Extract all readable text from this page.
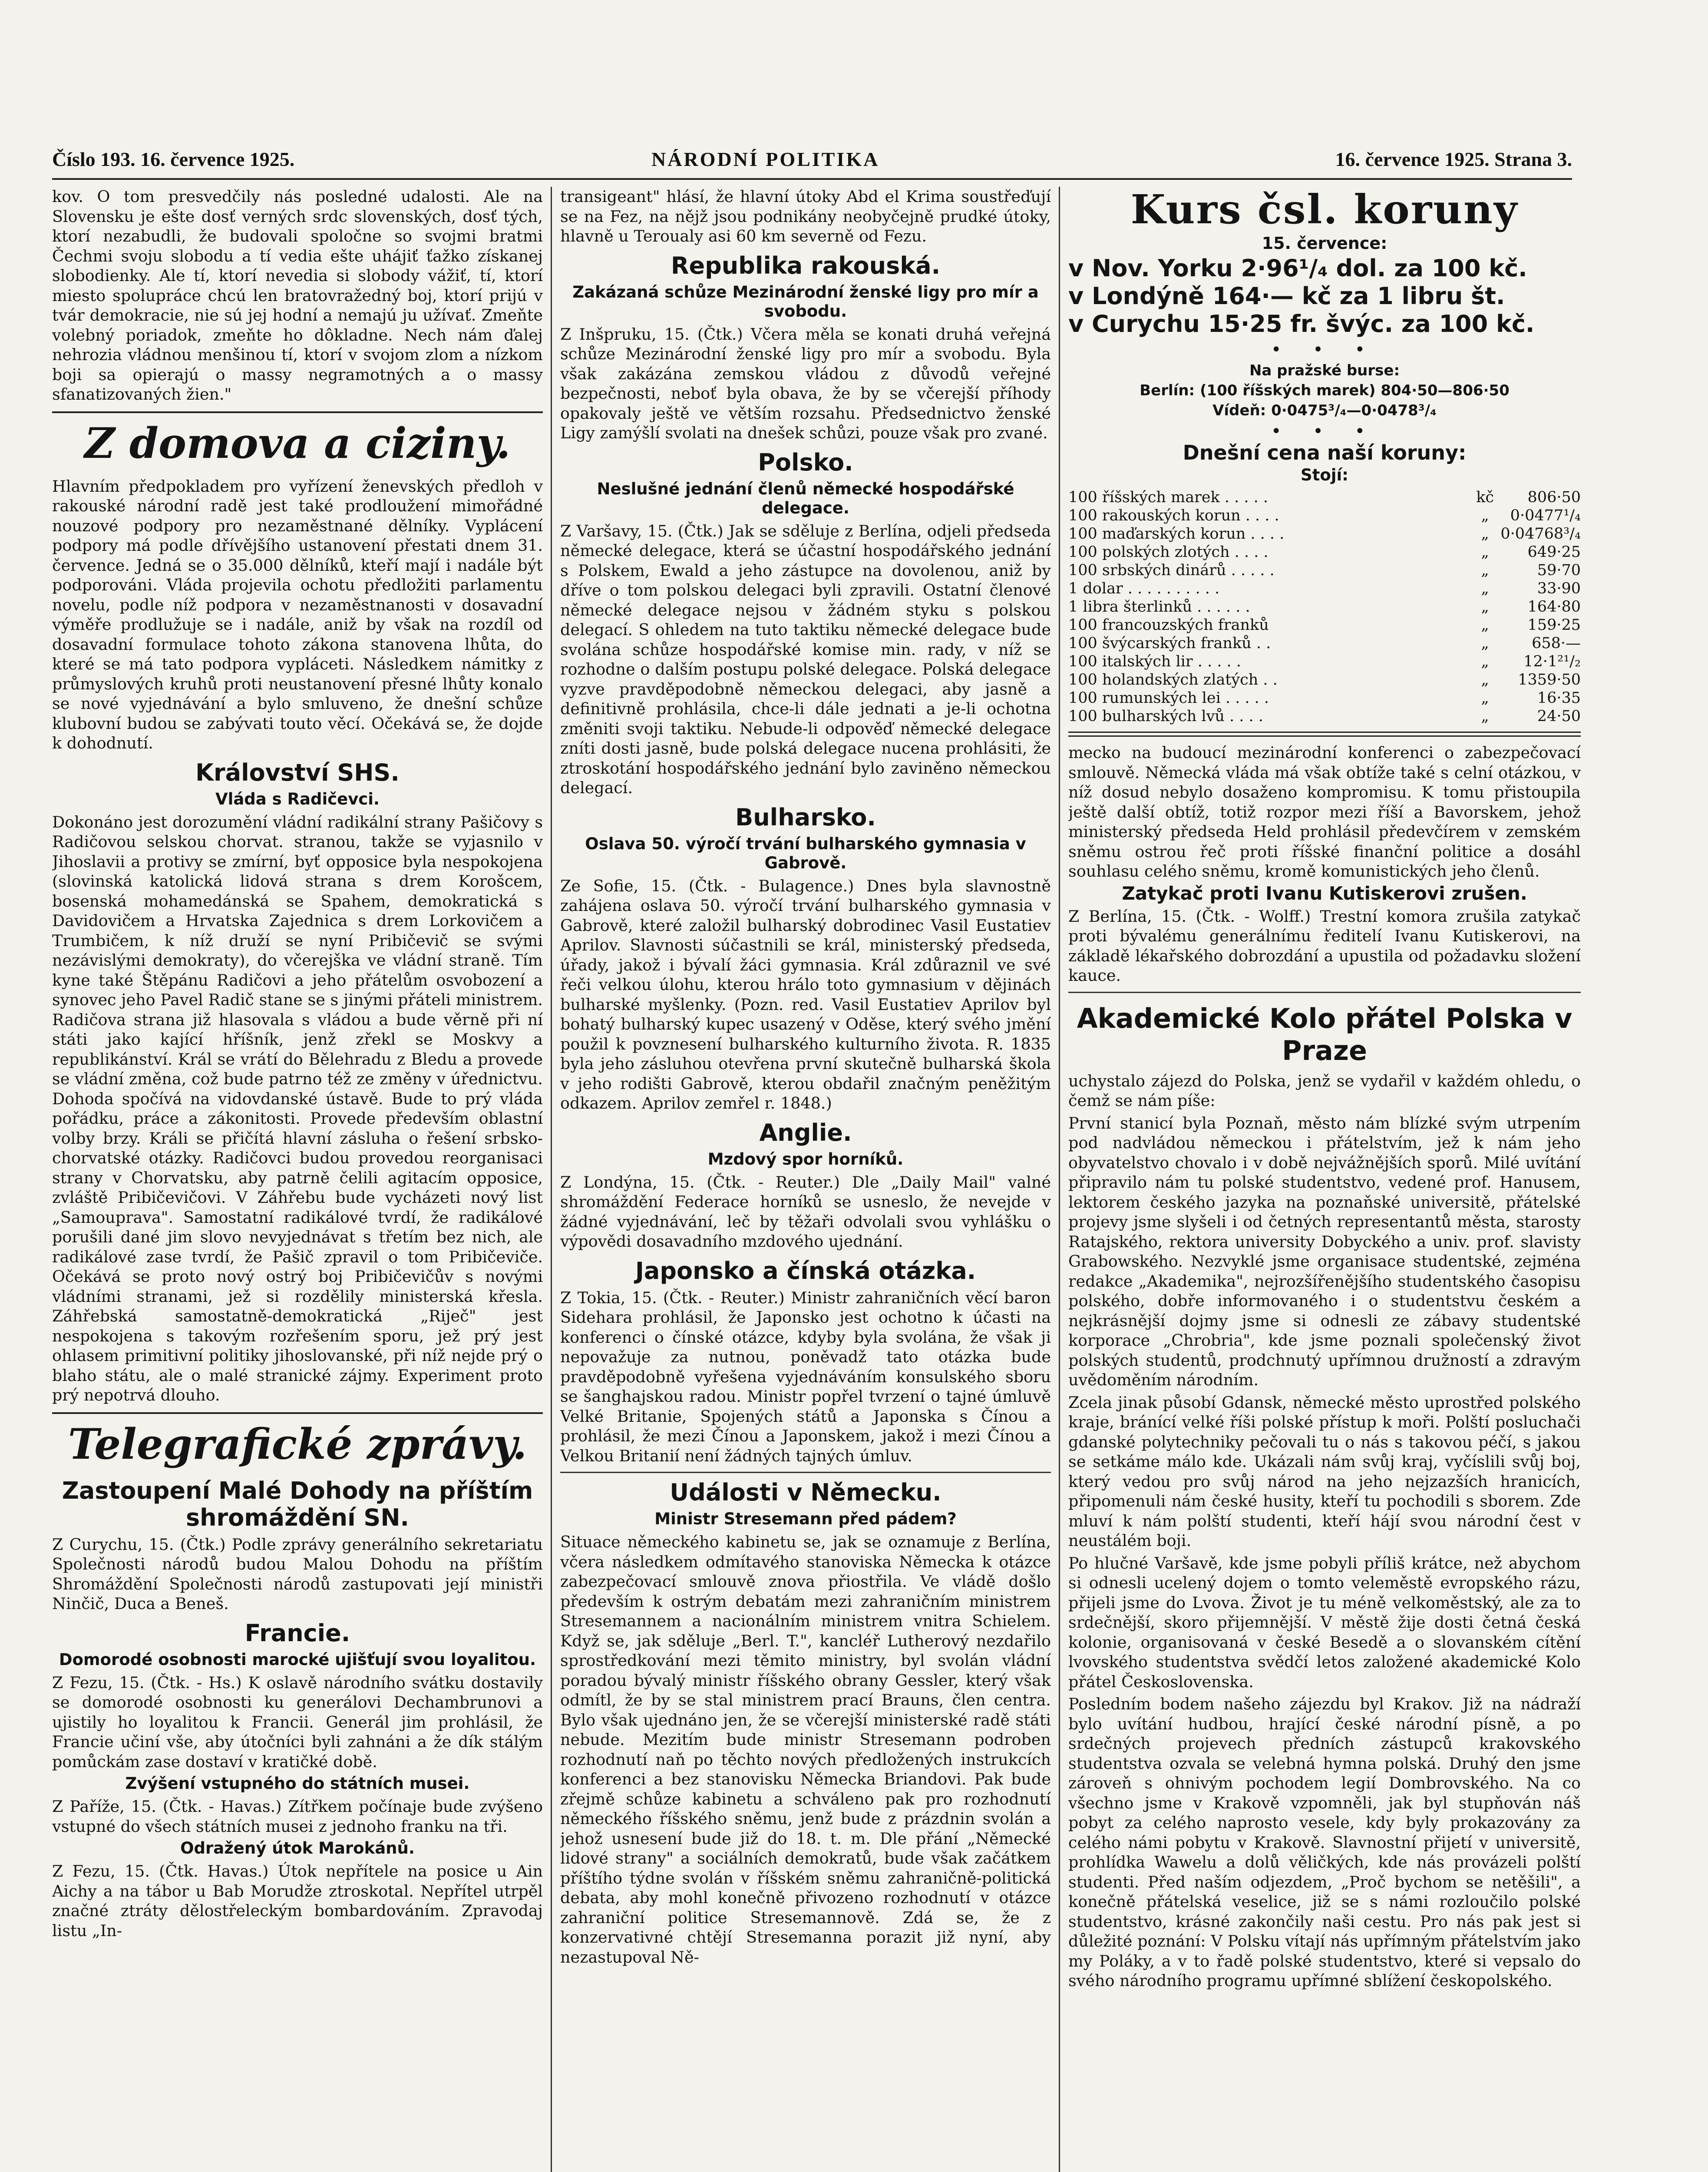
Číslo 193. 16. července 1925.	NÁRODNÍ POLITIKA	16. července 1925. Strana 3.

kov. O tom presvedčily nás posledné udalosti. Ale na Slovensku je ešte dosť verných srdc slovenských, dosť tých, ktorí nezabudli, že budovali spoločne so svojmi bratmi Čechmi svoju slobodu a tí vedia ešte uhájiť ťažko získanej slobodienky. Ale tí, ktorí nevedia si slobody vážiť, tí, ktorí miesto spolupráce chcú len bratovražedný boj, ktorí prijú v tvár demokracie, nie sú jej hodní a nemajú ju užívať. Zmeňte volebný poriadok, zmeňte ho dôkladne. Nech nám ďalej nehrozia vládnou menšinou tí, ktorí v svojom zlom a nízkom boji sa opierajú o massy negramotných a o massy sfanatizovaných žien."

Z domova a ciziny.

Hlavním předpokladem pro vyřízení ženevských předloh v rakouské národní radě jest také prodloužení mimořádné nouzové podpory pro nezaměstnané dělníky. Vyplácení podpory má podle dřívějšího ustanovení přestati dnem 31. července. Jedná se o 35.000 dělníků, kteří mají i nadále být podporováni. Vláda projevila ochotu předložiti parlamentu novelu, podle níž podpora v nezaměstnanosti v dosavadní výměře prodlužuje se i nadále, aniž by však na rozdíl od dosavadní formulace tohoto zákona stanovena lhůta, do které se má tato podpora vypláceti. Následkem námitky z průmyslových kruhů proti neustanovení přesné lhůty konalo se nové vyjednávání a bylo smluveno, že dnešní schůze klubovní budou se zabývati touto věcí. Očekává se, že dojde k dohodnutí.

Království SHS.
Vláda s Radičevci.

Dokonáno jest dorozumění vládní radikální strany Pašičovy s Radičovou selskou chorvat. stranou, takže se vyjasnilo v Jihoslavii a protivy se zmírní, byť opposice byla nespokojena (slovinská katolická lidová strana s drem Korošcem, bosenská mohamedánská se Spahem, demokratická s Davidovičem a Hrvatska Zajednica s drem Lorkovičem a Trumbičem, k níž druží se nyní Pribičevič se svými nezávislými demokraty), do včerejška ve vládní straně. Tím kyne také Štěpánu Radičovi a jeho přátelům osvobození a synovec jeho Pavel Radič stane se s jinými přáteli ministrem. Radičova strana již hlasovala s vládou a bude věrně při ní státi jako kající hříšník, jenž zřekl se Moskvy a republikánství. Král se vrátí do Bělehradu z Bledu a provede se vládní změna, což bude patrno též ze změny v úřednictvu. Dohoda spočívá na vidovdanské ústavě. Bude to prý vláda pořádku, práce a zákonitosti. Provede především oblastní volby brzy. Králi se přičítá hlavní zásluha o řešení srbsko-chorvatské otázky. Radičovci budou provedou reorganisaci strany v Chorvatsku, aby patrně čelili agitacím opposice, zvláště Pribičevičovi. V Záhřebu bude vycházeti nový list „Samouprava". Samostatní radikálové tvrdí, že radikálové porušili dané jim slovo nevyjednávat s třetím bez nich, ale radikálové zase tvrdí, že Pašič zpravil o tom Pribičeviče. Očekává se proto nový ostrý boj Pribičevičův s novými vládními stranami, jež si rozdělily ministerská křesla. Záhřebská samostatně-demokratická „Riječ" jest nespokojena s takovým rozřešením sporu, jež prý jest ohlasem primitivní politiky jihoslovanské, při níž nejde prý o blaho státu, ale o malé stranické zájmy. Experiment proto prý nepotrvá dlouho.

Telegrafické zprávy.
Zastoupení Malé Dohody na příštím shromáždění SN.

Z Curychu, 15. (Čtk.) Podle zprávy generálního sekretariatu Společnosti národů budou Malou Dohodu na příštím Shromáždění Společnosti národů zastupovati její ministři Ninčič, Duca a Beneš.

Francie.
Domorodé osobnosti marocké ujišťují svou loyalitou.

Z Fezu, 15. (Čtk. - Hs.) K oslavě národního svátku dostavily se domorodé osobnosti ku generálovi Dechambrunovi a ujistily ho loyalitou k Francii. Generál jim prohlásil, že Francie učiní vše, aby útočníci byli zahnáni a že dík stálým pomůckám zase dostaví v kratičké době.

Zvýšení vstupného do státních musei.

Z Paříže, 15. (Čtk. - Havas.) Zítřkem počínaje bude zvýšeno vstupné do všech státních musei z jednoho franku na tři.

Odražený útok Marokánů.

Z Fezu, 15. (Čtk. Havas.) Útok nepřítele na posice u Ain Aichy a na tábor u Bab Morudže ztroskotal. Nepřítel utrpěl značné ztráty dělostřeleckým bombardováním. Zpravodaj listu „In-

transigeant" hlásí, že hlavní útoky Abd el Krima soustřeďují se na Fez, na nějž jsou podnikány neobyčejně prudké útoky, hlavně u Teroualy asi 60 km severně od Fezu.

Republika rakouská.
Zakázaná schůze Mezinárodní ženské ligy pro mír a svobodu.

Z Inšpruku, 15. (Čtk.) Včera měla se konati druhá veřejná schůze Mezinárodní ženské ligy pro mír a svobodu. Byla však zakázána zemskou vládou z důvodů veřejné bezpečnosti, neboť byla obava, že by se včerejší příhody opakovaly ještě ve větším rozsahu. Předsednictvo ženské Ligy zamýšlí svolati na dnešek schůzi, pouze však pro zvané.

Polsko.
Neslušné jednání členů německé hospodářské delegace.

Z Varšavy, 15. (Čtk.) Jak se sděluje z Berlína, odjeli předseda německé delegace, která se účastní hospodářského jednání s Polskem, Ewald a jeho zástupce na dovolenou, aniž by dříve o tom polskou delegaci byli zpravili. Ostatní členové německé delegace nejsou v žádném styku s polskou delegací. S ohledem na tuto taktiku německé delegace bude svolána schůze hospodářské komise min. rady, v níž se rozhodne o dalším postupu polské delegace. Polská delegace vyzve pravděpodobně německou delegaci, aby jasně a definitivně prohlásila, chce-li dále jednati a je-li ochotna změniti svoji taktiku. Nebude-li odpověď německé delegace zníti dosti jasně, bude polská delegace nucena prohlásiti, že ztroskotání hospodářského jednání bylo zaviněno německou delegací.

Bulharsko.
Oslava 50. výročí trvání bulharského gymnasia v Gabrově.

Ze Sofie, 15. (Čtk. - Bulagence.) Dnes byla slavnostně zahájena oslava 50. výročí trvání bulharského gymnasia v Gabrově, které založil bulharský dobrodinec Vasil Eustatiev Aprilov. Slavnosti súčastnili se král, ministerský předseda, úřady, jakož i bývalí žáci gymnasia. Král zdůraznil ve své řeči velkou úlohu, kterou hrálo toto gymnasium v dějinách bulharské myšlenky. (Pozn. red. Vasil Eustatiev Aprilov byl bohatý bulharský kupec usazený v Oděse, který svého jmění použil k povznesení bulharského kulturního života. R. 1835 byla jeho zásluhou otevřena první skutečně bulharská škola v jeho rodišti Gabrově, kterou obdařil značným peněžitým odkazem. Aprilov zemřel r. 1848.)

Anglie.
Mzdový spor horníků.

Z Londýna, 15. (Čtk. - Reuter.) Dle „Daily Mail" valné shromáždění Federace horníků se usneslo, že nevejde v žádné vyjednávání, leč by těžaři odvolali svou vyhlášku o výpovědi dosavadního mzdového ujednání.

Japonsko a čínská otázka.

Z Tokia, 15. (Čtk. - Reuter.) Ministr zahraničních věcí baron Sidehara prohlásil, že Japonsko jest ochotno k účasti na konferenci o čínské otázce, kdyby byla svolána, že však ji nepovažuje za nutnou, poněvadž tato otázka bude pravděpodobně vyřešena vyjednáváním konsulského sboru se šanghajskou radou. Ministr popřel tvrzení o tajné úmluvě Velké Britanie, Spojených států a Japonska s Čínou a prohlásil, že mezi Čínou a Japonskem, jakož i mezi Čínou a Velkou Britanií není žádných tajných úmluv.

Události v Německu.
Ministr Stresemann před pádem?

Situace německého kabinetu se, jak se oznamuje z Berlína, včera následkem odmítavého stanoviska Německa k otázce zabezpečovací smlouvě znova přiostřila. Ve vládě došlo především k ostrým debatám mezi zahraničním ministrem Stresemannem a nacionálním ministrem vnitra Schielem. Když se, jak sděluje „Berl. T.", kancléř Lutherový nezdařilo sprostředkování mezi těmito ministry, byl svolán vládní poradou bývalý ministr říšského obrany Gessler, který však odmítl, že by se stal ministrem prací Brauns, člen centra. Bylo však ujednáno jen, že se včerejší ministerské radě státi nebude. Mezitím bude ministr Stresemann podroben rozhodnutí naň po těchto nových předložených instrukcích konferenci a bez stanovisku Německa Briandovi. Pak bude zřejmě schůze kabinetu a schváleno pak pro rozhodnutí německého říšského sněmu, jenž bude z prázdnin svolán a jehož usnesení bude již do 18. t. m. Dle přání „Německé lidové strany" a sociálních demokratů, bude však začátkem příštího týdne svolán v říšském sněmu zahraničně-politická debata, aby mohl konečně přivozeno rozhodnutí v otázce zahraniční politice Stresemannově. Zdá se, že z konzervativné chtějí Stresemanna porazit již nyní, aby nezastupoval Ně-

Kurs čsl. koruny
15. července:
v Nov. Yorku 2·96¹/₄ dol. za 100 kč.
v Londýně 164·— kč za 1 libru št.
v Curychu 15·25 fr. švýc. za 100 kč.
• • •
Na pražské burse:
Berlín: (100 říšských marek) 804·50—806·50
Vídeň: 0·0475³/₄—0·0478³/₄
• • •
Dnešní cena naší koruny:
Stojí:
100 říšských marek . . . . .	kč	806·50
100 rakouských korun . . . .	„	0·0477¹/₄
100 maďarských korun . . . .	„	0·04768³/₄
100 polských zlotých . . . .	„	649·25
100 srbských dinárů . . . . .	„	59·70
1 dolar . . . . . . . . . .	„	33·90
1 libra šterlinků . . . . . .	„	164·80
100 francouzských franků	„	159·25
100 švýcarských franků . .	„	658·—
100 italských lir . . . . .	„	12·1²¹/₂
100 holandských zlatých . .	„	1359·50
100 rumunských lei . . . . .	„	16·35
100 bulharských lvů . . . .	„	24·50

mecko na budoucí mezinárodní konferenci o zabezpečovací smlouvě. Německá vláda má však obtíže také s celní otázkou, v níž dosud nebylo dosaženo kompromisu. K tomu přistoupila ještě další obtíž, totiž rozpor mezi říší a Bavorskem, jehož ministerský předseda Held prohlásil předevčírem v zemském sněmu ostrou řeč proti říšské finanční politice a dosáhl souhlasu celého sněmu, kromě komunistických jeho členů.

Zatykač proti Ivanu Kutiskerovi zrušen.

Z Berlína, 15. (Čtk. - Wolff.) Trestní komora zrušila zatykač proti bývalému generálnímu ředitelí Ivanu Kutiskerovi, na základě lékařského dobrozdání a upustila od požadavku složení kauce.

Akademické Kolo přátel Polska v Praze

uchystalo zájezd do Polska, jenž se vydařil v každém ohledu, o čemž se nám píše:

První stanicí byla Poznaň, město nám blízké svým utrpením pod nadvládou německou i přátelstvím, jež k nám jeho obyvatelstvo chovalo i v době nejvážnějších sporů. Milé uvítání připravilo nám tu polské studentstvo, vedené prof. Hanusem, lektorem českého jazyka na poznaňské universitě, přátelské projevy jsme slyšeli i od četných representantů města, starosty Ratajského, rektora university Dobyckého a univ. prof. slavisty Grabowského. Nezvyklé jsme organisace studentské, zejména redakce „Akademika", nejrozšířenějšího studentského časopisu polského, dobře informovaného i o studentstvu českém a nejkrásnější dojmy jsme si odnesli ze zábavy studentské korporace „Chrobria", kde jsme poznali společenský život polských studentů, prodchnutý upřímnou družností a zdravým uvědoměním národním.

Zcela jinak působí Gdansk, německé město uprostřed polského kraje, bránící velké říši polské přístup k moři. Polští posluchači gdanské polytechniky pečovali tu o nás s takovou péčí, s jakou se setkáme málo kde. Ukázali nám svůj kraj, vyčíslili svůj boj, který vedou pro svůj národ na jeho nejzazších hranicích, připomenuli nám české husity, kteří tu pochodili s sborem. Zde mluví k nám polští studenti, kteří hájí svou národní čest v neustálém boji.

Po hlučné Varšavě, kde jsme pobyli příliš krátce, než abychom si odnesli ucelený dojem o tomto veleměstě evropského rázu, přijeli jsme do Lvova. Život je tu méně velkoměstský, ale za to srdečnější, skoro přijemnější. V městě žije dosti četná česká kolonie, organisovaná v české Besedě a o slovanském cítění lvovského studentstva svědčí letos založené akademické Kolo přátel Československa.

Posledním bodem našeho zájezdu byl Krakov. Již na nádraží bylo uvítání hudbou, hrající české národní písně, a po srdečných projevech předních zástupců krakovského studentstva ozvala se velebná hymna polská. Druhý den jsme zároveň s ohnivým pochodem legií Dombrovského. Na co všechno jsme v Krakově vzpomněli, jak byl stupňován náš pobyt za celého naprosto vesele, kdy byly prokazovány za celého námi pobytu v Krakově. Slavnostní přijetí v universitě, prohlídka Wawelu a dolů věličkých, kde nás provázeli polští studenti. Před naším odjezdem, „Proč bychom se netěšili", a konečně přátelská veselice, již se s námi rozloučilo polské studentstvo, krásné zakončily naši cestu. Pro nás pak jest si důležité poznání: V Polsku vítají nás upřímným přátelstvím jako my Poláky, a v to řadě polské studentstvo, které si vepsalo do svého národního programu upřímné sblížení českopolského.
